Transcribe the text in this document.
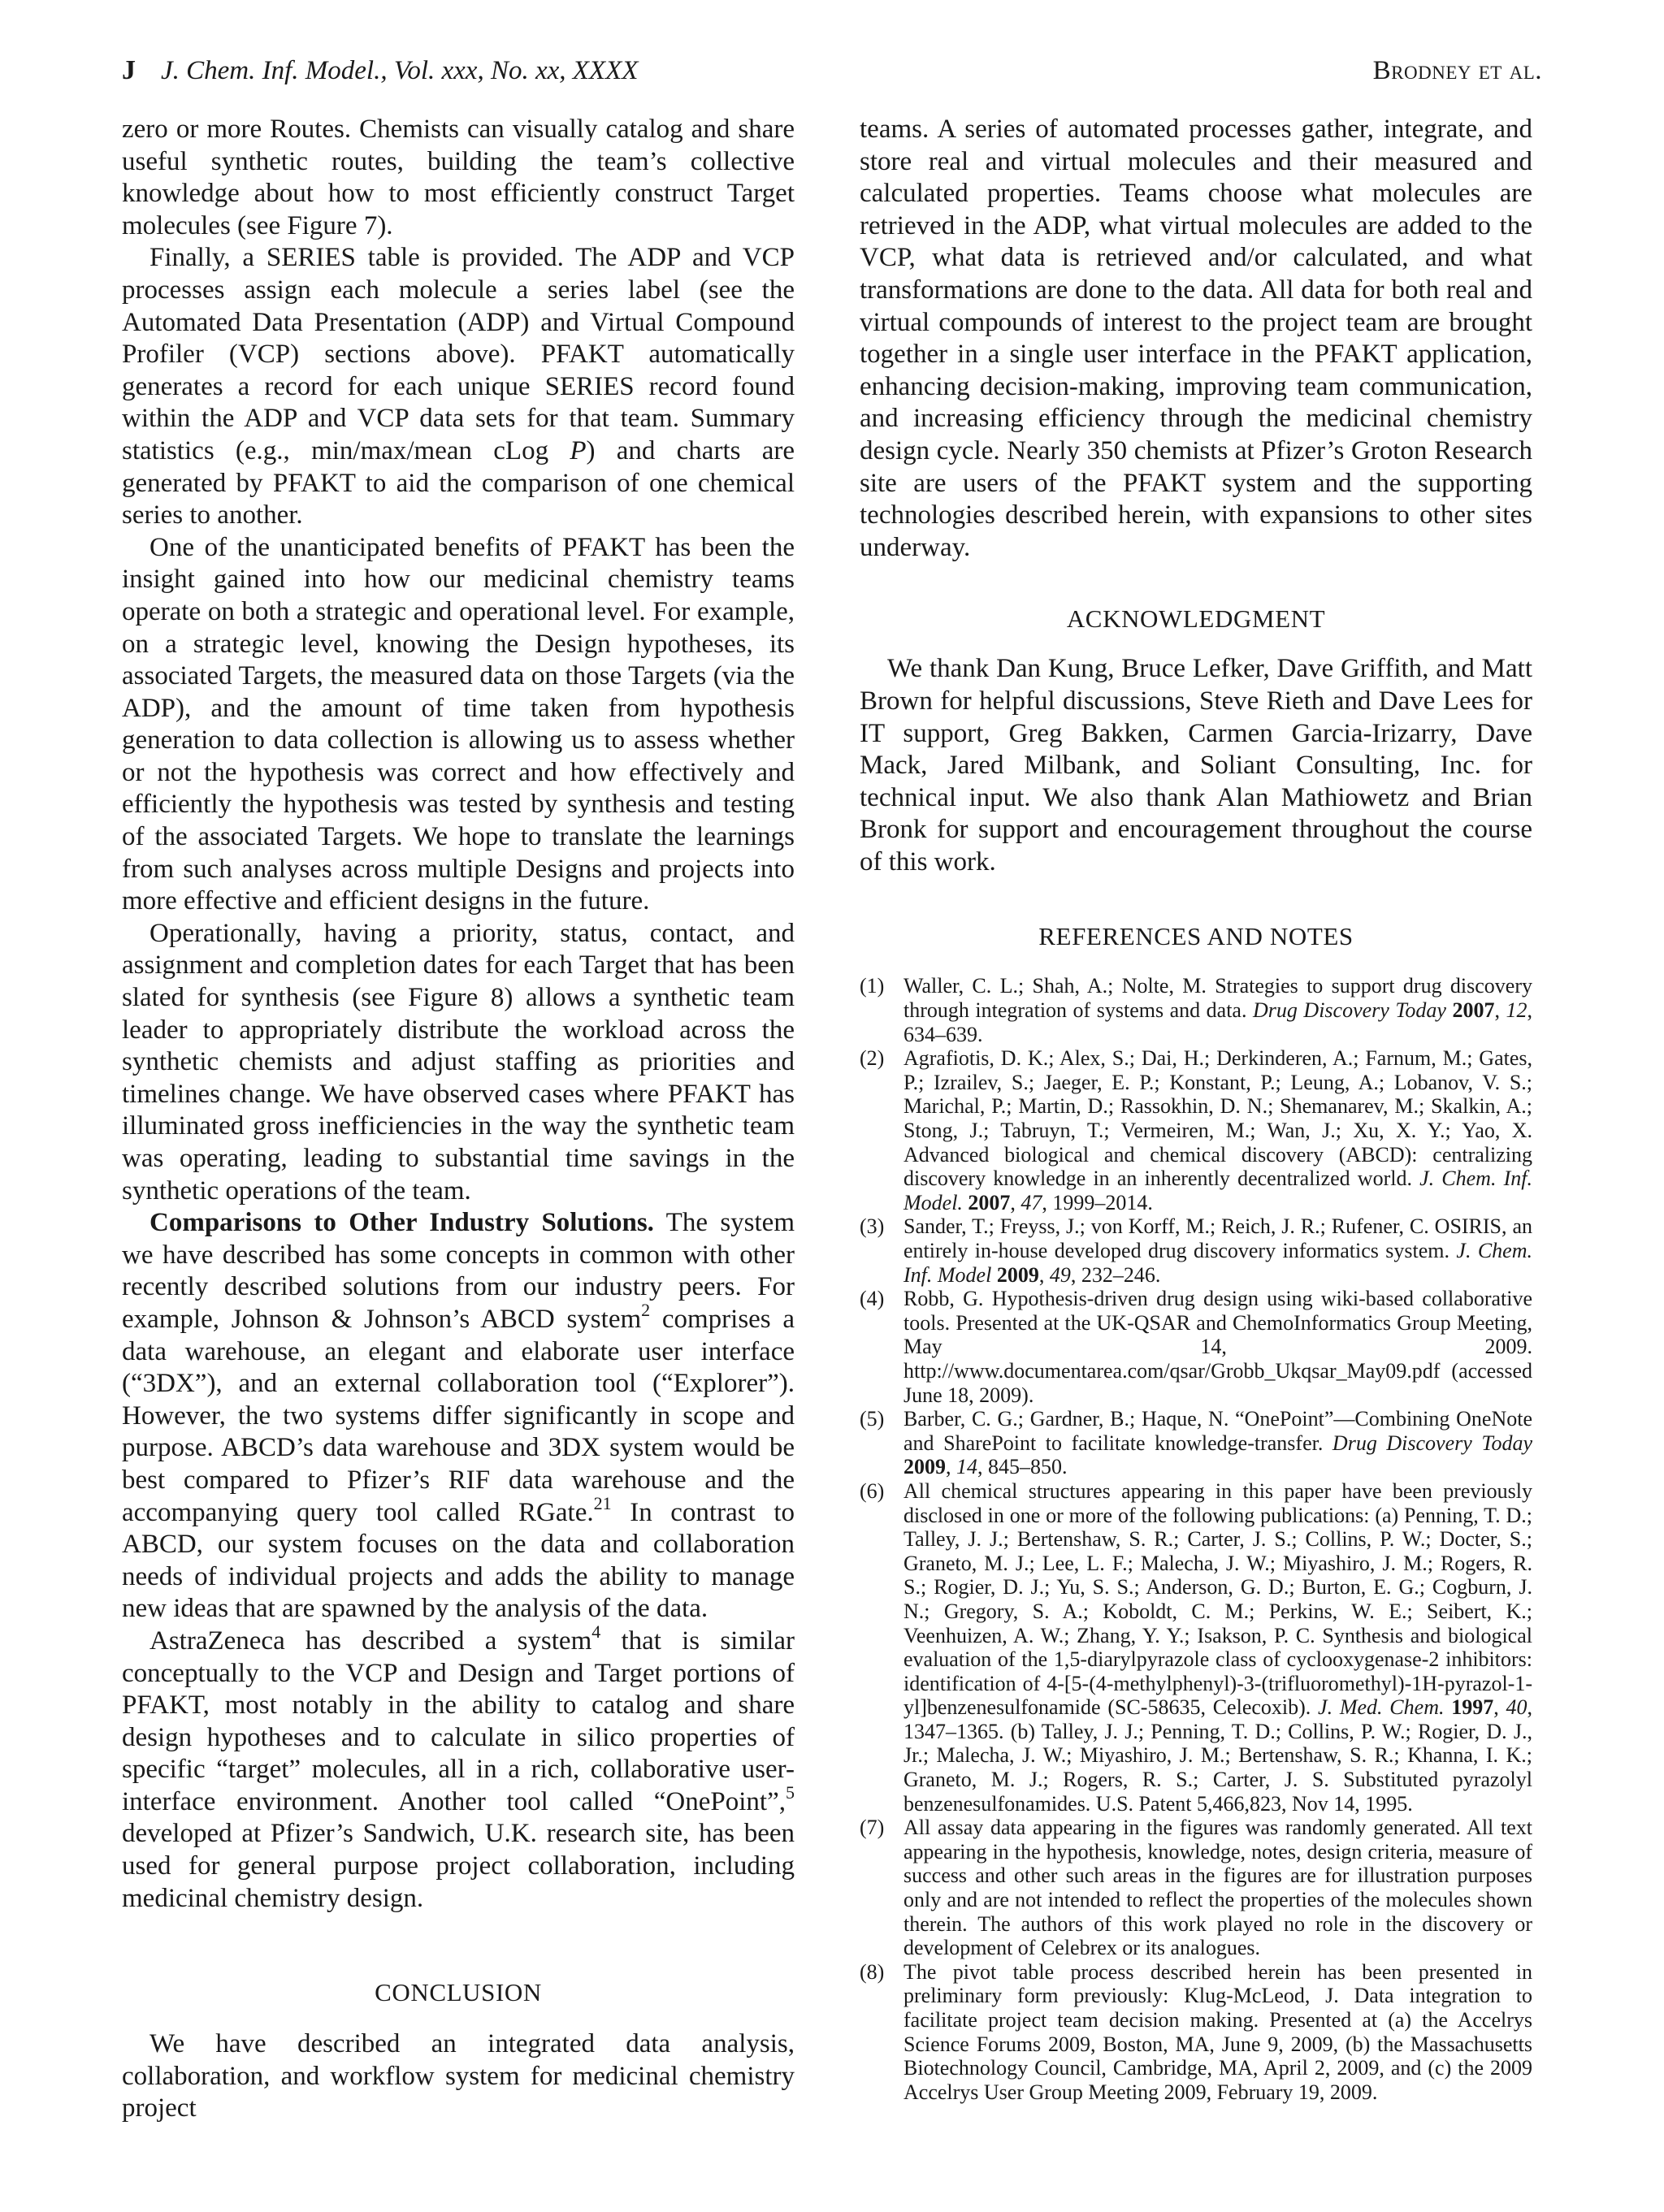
J J. Chem. Inf. Model., Vol. xxx, No. xx, XXXX	Brodney et al.

zero or more Routes. Chemists can visually catalog and share useful synthetic routes, building the team’s collective knowledge about how to most efficiently construct Target molecules (see Figure 7).

Finally, a SERIES table is provided. The ADP and VCP processes assign each molecule a series label (see the Automated Data Presentation (ADP) and Virtual Compound Profiler (VCP) sections above). PFAKT automatically generates a record for each unique SERIES record found within the ADP and VCP data sets for that team. Summary statistics (e.g., min/max/mean cLog P) and charts are generated by PFAKT to aid the comparison of one chemical series to another.

One of the unanticipated benefits of PFAKT has been the insight gained into how our medicinal chemistry teams operate on both a strategic and operational level. For example, on a strategic level, knowing the Design hypotheses, its associated Targets, the measured data on those Targets (via the ADP), and the amount of time taken from hypothesis generation to data collection is allowing us to assess whether or not the hypothesis was correct and how effectively and efficiently the hypothesis was tested by synthesis and testing of the associated Targets. We hope to translate the learnings from such analyses across multiple Designs and projects into more effective and efficient designs in the future.

Operationally, having a priority, status, contact, and assignment and completion dates for each Target that has been slated for synthesis (see Figure 8) allows a synthetic team leader to appropriately distribute the workload across the synthetic chemists and adjust staffing as priorities and timelines change. We have observed cases where PFAKT has illuminated gross inefficiencies in the way the synthetic team was operating, leading to substantial time savings in the synthetic operations of the team.

Comparisons to Other Industry Solutions. The system we have described has some concepts in common with other recently described solutions from our industry peers. For example, Johnson & Johnson’s ABCD system$^2$ comprises a data warehouse, an elegant and elaborate user interface (“3DX”), and an external collaboration tool (“Explorer”). However, the two systems differ significantly in scope and purpose. ABCD’s data warehouse and 3DX system would be best compared to Pfizer’s RIF data warehouse and the accompanying query tool called RGate.$^{21}$ In contrast to ABCD, our system focuses on the data and collaboration needs of individual projects and adds the ability to manage new ideas that are spawned by the analysis of the data.

AstraZeneca has described a system$^4$ that is similar conceptually to the VCP and Design and Target portions of PFAKT, most notably in the ability to catalog and share design hypotheses and to calculate in silico properties of specific “target” molecules, all in a rich, collaborative user-interface environment. Another tool called “OnePoint”,$^5$ developed at Pfizer’s Sandwich, U.K. research site, has been used for general purpose project collaboration, including medicinal chemistry design.

CONCLUSION

We have described an integrated data analysis, collaboration, and workflow system for medicinal chemistry project

teams. A series of automated processes gather, integrate, and store real and virtual molecules and their measured and calculated properties. Teams choose what molecules are retrieved in the ADP, what virtual molecules are added to the VCP, what data is retrieved and/or calculated, and what transformations are done to the data. All data for both real and virtual compounds of interest to the project team are brought together in a single user interface in the PFAKT application, enhancing decision-making, improving team communication, and increasing efficiency through the medicinal chemistry design cycle. Nearly 350 chemists at Pfizer’s Groton Research site are users of the PFAKT system and the supporting technologies described herein, with expansions to other sites underway.

ACKNOWLEDGMENT

We thank Dan Kung, Bruce Lefker, Dave Griffith, and Matt Brown for helpful discussions, Steve Rieth and Dave Lees for IT support, Greg Bakken, Carmen Garcia-Irizarry, Dave Mack, Jared Milbank, and Soliant Consulting, Inc. for technical input. We also thank Alan Mathiowetz and Brian Bronk for support and encouragement throughout the course of this work.

REFERENCES AND NOTES
(1) Waller, C. L.; Shah, A.; Nolte, M. Strategies to support drug discovery through integration of systems and data. Drug Discovery Today 2007, 12, 634–639.
(2) Agrafiotis, D. K.; Alex, S.; Dai, H.; Derkinderen, A.; Farnum, M.; Gates, P.; Izrailev, S.; Jaeger, E. P.; Konstant, P.; Leung, A.; Lobanov, V. S.; Marichal, P.; Martin, D.; Rassokhin, D. N.; Shemanarev, M.; Skalkin, A.; Stong, J.; Tabruyn, T.; Vermeiren, M.; Wan, J.; Xu, X. Y.; Yao, X. Advanced biological and chemical discovery (ABCD): centralizing discovery knowledge in an inherently decentralized world. J. Chem. Inf. Model. 2007, 47, 1999–2014.
(3) Sander, T.; Freyss, J.; von Korff, M.; Reich, J. R.; Rufener, C. OSIRIS, an entirely in-house developed drug discovery informatics system. J. Chem. Inf. Model 2009, 49, 232–246.
(4) Robb, G. Hypothesis-driven drug design using wiki-based collaborative tools. Presented at the UK-QSAR and ChemoInformatics Group Meeting, May 14, 2009. http://www.documentarea.com/qsar/Grobb_Ukqsar_May09.pdf (accessed June 18, 2009).
(5) Barber, C. G.; Gardner, B.; Haque, N. “OnePoint”—Combining OneNote and SharePoint to facilitate knowledge-transfer. Drug Discovery Today 2009, 14, 845–850.
(6) All chemical structures appearing in this paper have been previously disclosed in one or more of the following publications: (a) Penning, T. D.; Talley, J. J.; Bertenshaw, S. R.; Carter, J. S.; Collins, P. W.; Docter, S.; Graneto, M. J.; Lee, L. F.; Malecha, J. W.; Miyashiro, J. M.; Rogers, R. S.; Rogier, D. J.; Yu, S. S.; Anderson, G. D.; Burton, E. G.; Cogburn, J. N.; Gregory, S. A.; Koboldt, C. M.; Perkins, W. E.; Seibert, K.; Veenhuizen, A. W.; Zhang, Y. Y.; Isakson, P. C. Synthesis and biological evaluation of the 1,5-diarylpyrazole class of cyclooxygenase-2 inhibitors: identification of 4-[5-(4-methylphenyl)-3-(trifluoromethyl)-1H-pyrazol-1-yl]benzenesulfonamide (SC-58635, Celecoxib). J. Med. Chem. 1997, 40, 1347–1365. (b) Talley, J. J.; Penning, T. D.; Collins, P. W.; Rogier, D. J., Jr.; Malecha, J. W.; Miyashiro, J. M.; Bertenshaw, S. R.; Khanna, I. K.; Graneto, M. J.; Rogers, R. S.; Carter, J. S. Substituted pyrazolyl benzenesulfonamides. U.S. Patent 5,466,823, Nov 14, 1995.
(7) All assay data appearing in the figures was randomly generated. All text appearing in the hypothesis, knowledge, notes, design criteria, measure of success and other such areas in the figures are for illustration purposes only and are not intended to reflect the properties of the molecules shown therein. The authors of this work played no role in the discovery or development of Celebrex or its analogues.
(8) The pivot table process described herein has been presented in preliminary form previously: Klug-McLeod, J. Data integration to facilitate project team decision making. Presented at (a) the Accelrys Science Forums 2009, Boston, MA, June 9, 2009, (b) the Massachusetts Biotechnology Council, Cambridge, MA, April 2, 2009, and (c) the 2009 Accelrys User Group Meeting 2009, February 19, 2009.
